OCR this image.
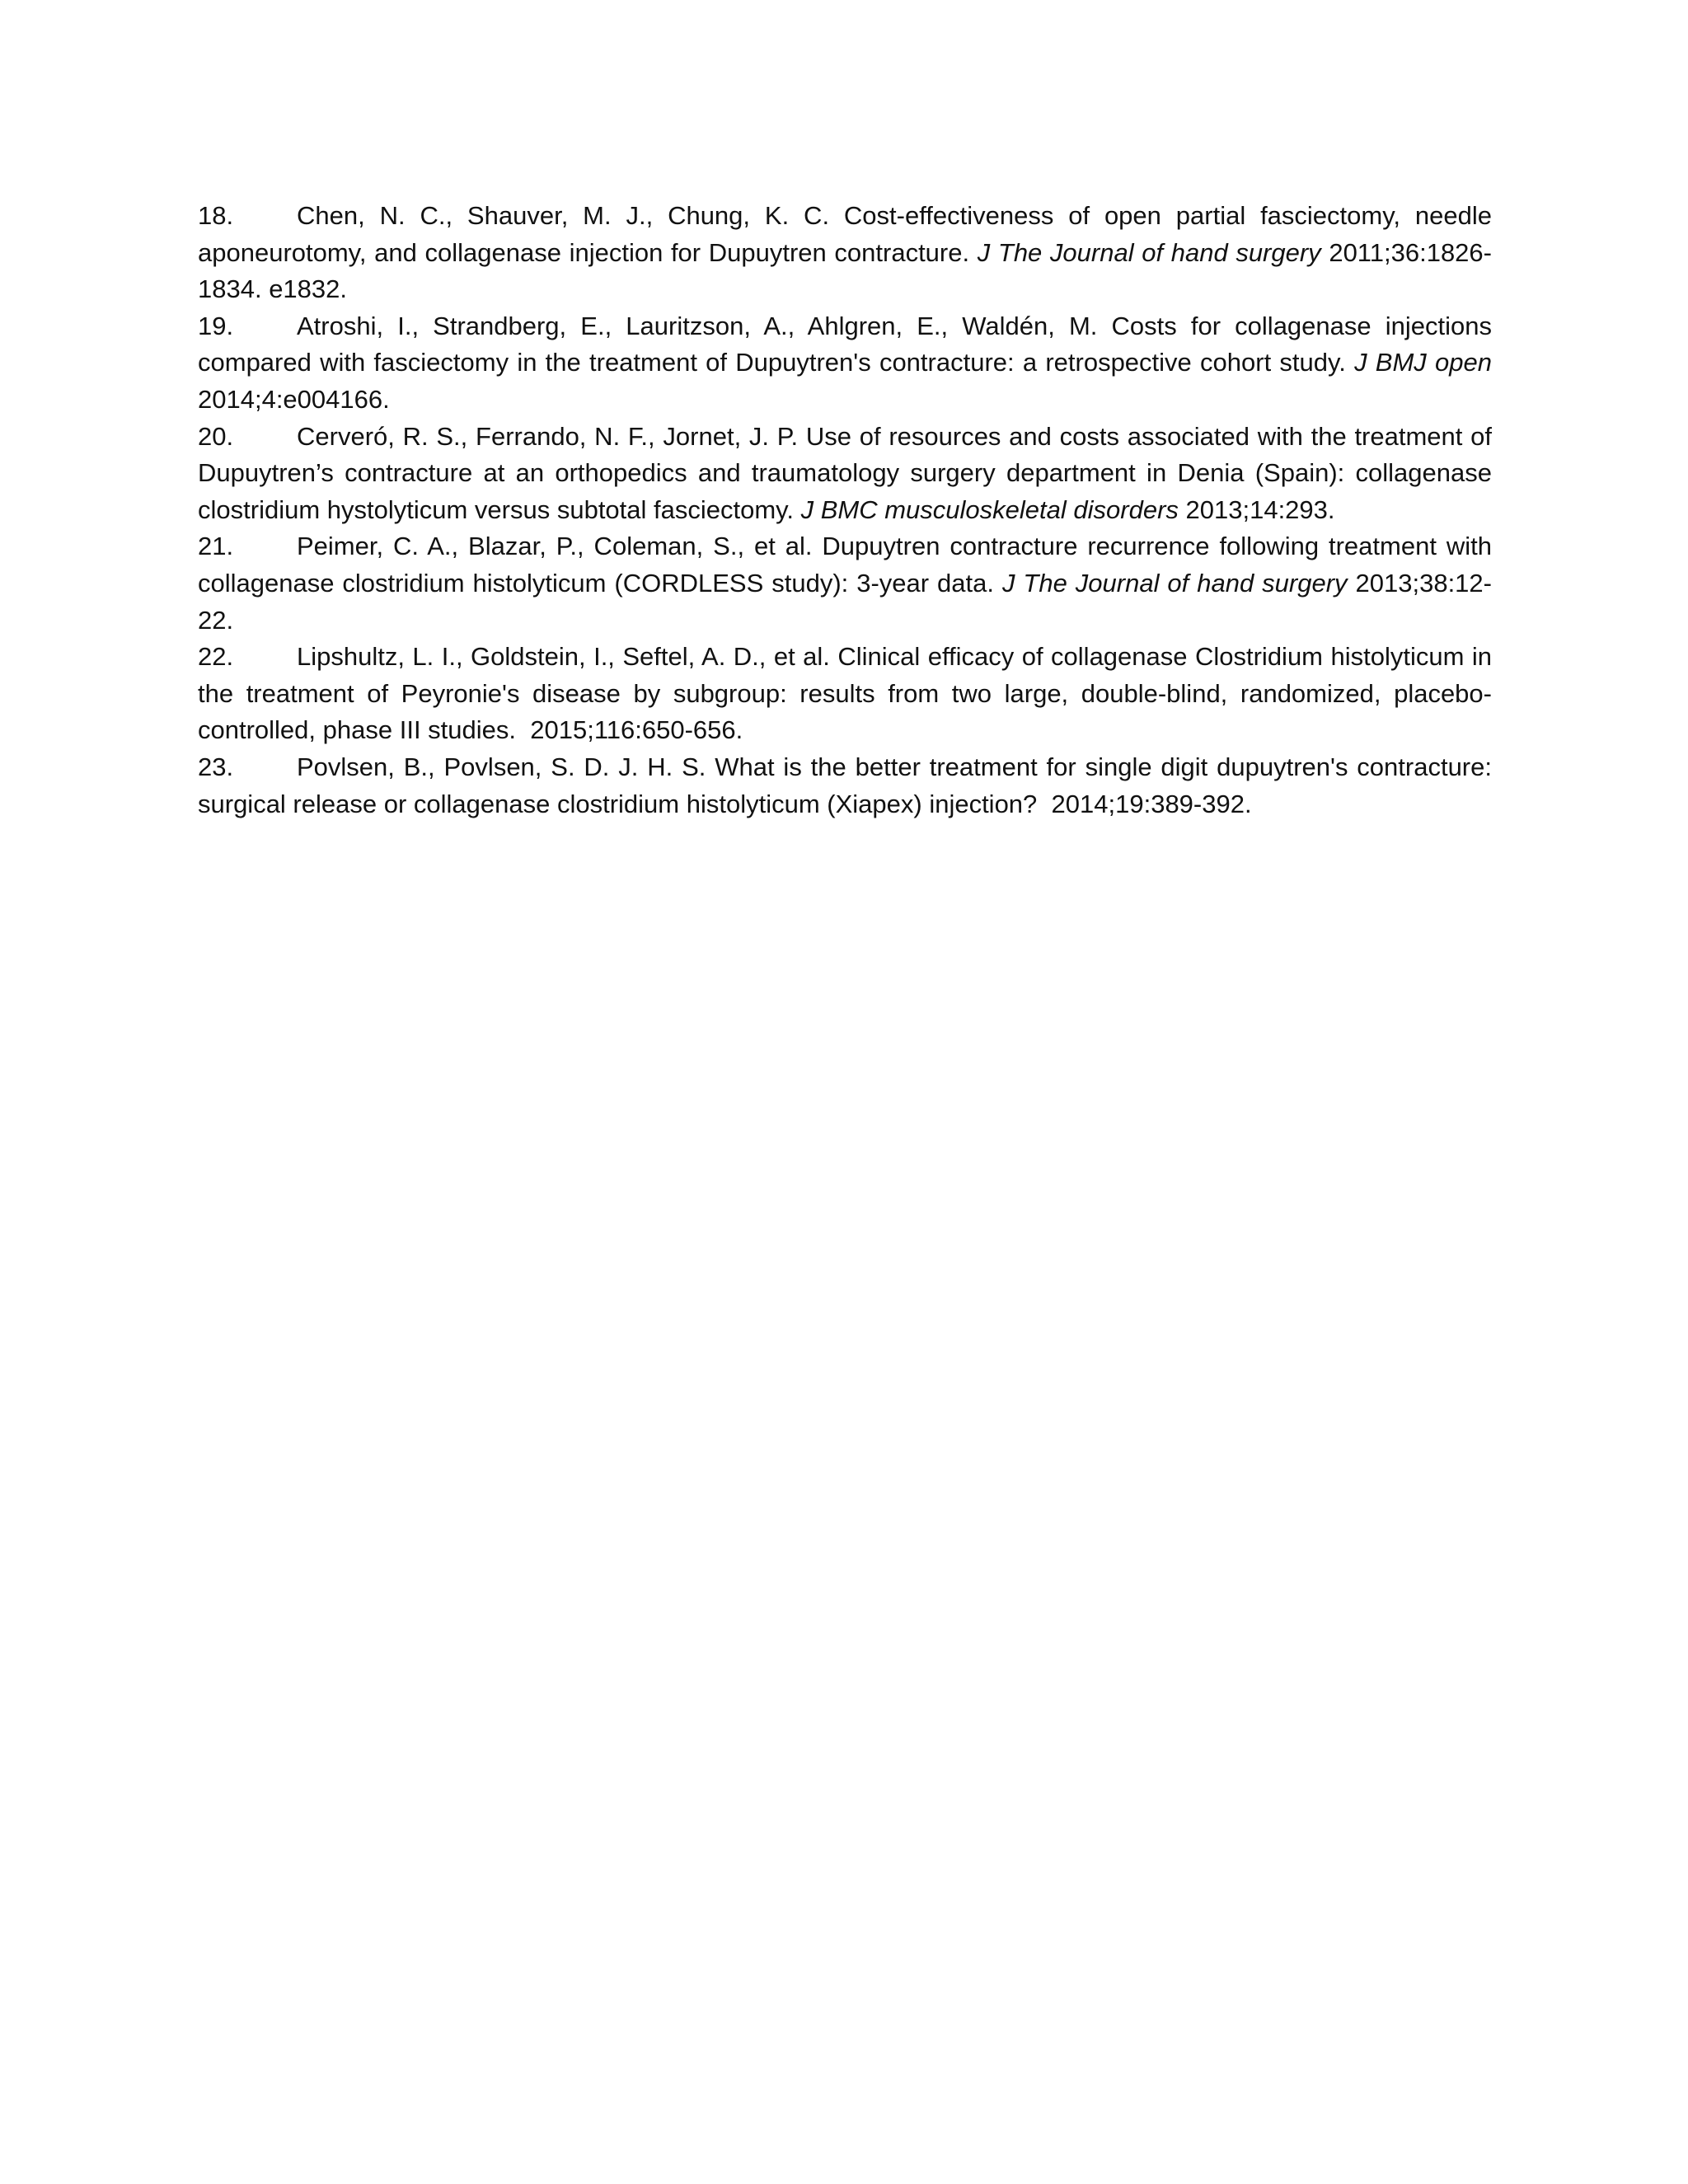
18. Chen, N. C., Shauver, M. J., Chung, K. C. Cost-effectiveness of open partial fasciectomy, needle aponeurotomy, and collagenase injection for Dupuytren contracture. J The Journal of hand surgery 2011;36:1826-1834. e1832.

19. Atroshi, I., Strandberg, E., Lauritzson, A., Ahlgren, E., Waldén, M. Costs for collagenase injections compared with fasciectomy in the treatment of Dupuytren's contracture: a retrospective cohort study. J BMJ open 2014;4:e004166.

20. Cerveró, R. S., Ferrando, N. F., Jornet, J. P. Use of resources and costs associated with the treatment of Dupuytren’s contracture at an orthopedics and traumatology surgery department in Denia (Spain): collagenase clostridium hystolyticum versus subtotal fasciectomy. J BMC musculoskeletal disorders 2013;14:293.

21. Peimer, C. A., Blazar, P., Coleman, S., et al. Dupuytren contracture recurrence following treatment with collagenase clostridium histolyticum (CORDLESS study): 3-year data. J The Journal of hand surgery 2013;38:12-22.

22. Lipshultz, L. I., Goldstein, I., Seftel, A. D., et al. Clinical efficacy of collagenase Clostridium histolyticum in the treatment of Peyronie's disease by subgroup: results from two large, double-blind, randomized, placebo-controlled, phase III studies. 2015;116:650-656.

23. Povlsen, B., Povlsen, S. D. J. H. S. What is the better treatment for single digit dupuytren's contracture: surgical release or collagenase clostridium histolyticum (Xiapex) injection? 2014;19:389-392.
